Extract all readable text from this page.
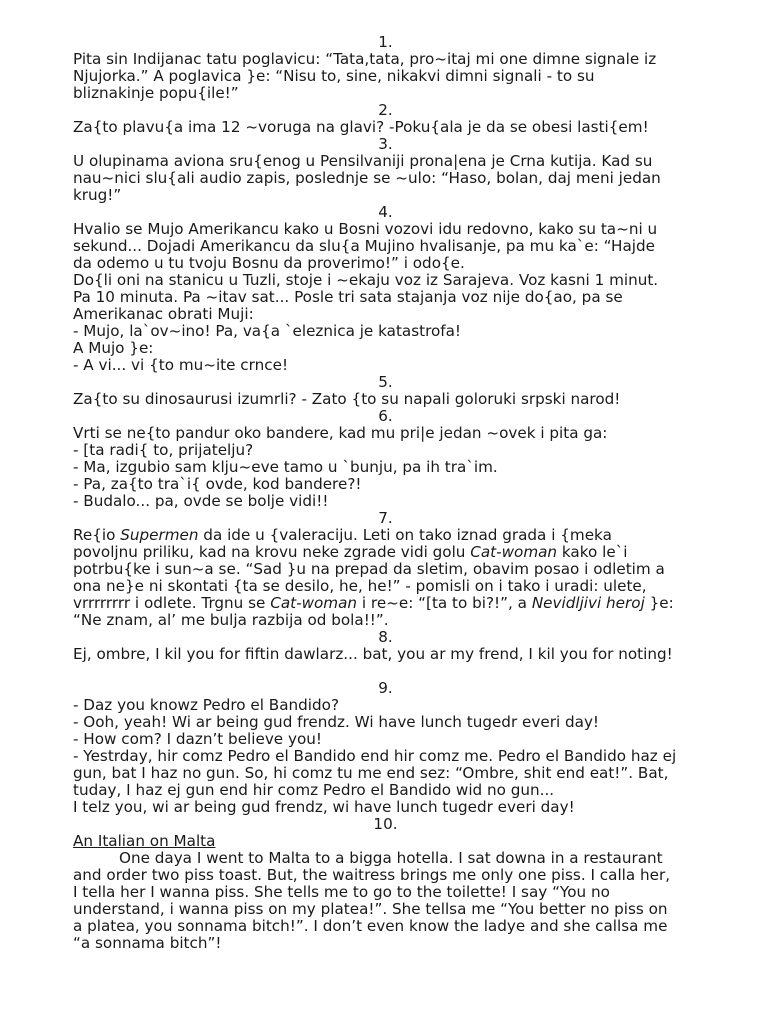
1.
Pita sin Indijanac tatu poglavicu: “Tata,tata, pro~itaj mi one dimne signale iz
Njujorka.” A poglavica }e: “Nisu to, sine, nikakvi dimni signali - to su
bliznakinje popu{ile!”
2.
Za{to plavu{a ima 12 ~voruga na glavi? -Poku{ala je da se obesi lasti{em!
3.
U olupinama aviona sru{enog u Pensilvaniji prona|ena je Crna kutija. Kad su
nau~nici slu{ali audio zapis, poslednje se ~ulo: “Haso, bolan, daj meni jedan
krug!”
4.
Hvalio se Mujo Amerikancu kako u Bosni vozovi idu redovno, kako su ta~ni u
sekund... Dojadi Amerikancu da slu{a Mujino hvalisanje, pa mu ka`e: “Hajde
da odemo u tu tvoju Bosnu da proverimo!” i odo{e.
Do{li oni na stanicu u Tuzli, stoje i ~ekaju voz iz Sarajeva. Voz kasni 1 minut.
Pa 10 minuta. Pa ~itav sat... Posle tri sata stajanja voz nije do{ao, pa se
Amerikanac obrati Muji:
- Mujo, la`ov~ino! Pa, va{a `eleznica je katastrofa!
A Mujo }e:
- A vi... vi {to mu~ite crnce!
5.
Za{to su dinosaurusi izumrli? - Zato {to su napali goloruki srpski narod!
6.
Vrti se ne{to pandur oko bandere, kad mu pri|e jedan ~ovek i pita ga:
- [ta radi{ to, prijatelju?
- Ma, izgubio sam klju~eve tamo u `bunju, pa ih tra`im.
- Pa, za{to tra`i{ ovde, kod bandere?!
- Budalo... pa, ovde se bolje vidi!!
7.
Re{io Supermen da ide u {valeraciju. Leti on tako iznad grada i {meka
povoljnu priliku, kad na krovu neke zgrade vidi golu Cat-woman kako le`i
potrbu{ke i sun~a se. “Sad }u na prepad da sletim, obavim posao i odletim a
ona ne}e ni skontati {ta se desilo, he, he!” - pomisli on i tako i uradi: ulete,
vrrrrrrrr i odlete. Trgnu se Cat-woman i re~e: “[ta to bi?!”, a Nevidljivi heroj }e:
“Ne znam, al’ me bulja razbija od bola!!”.
8.
Ej, ombre, I kil you for fiftin dawlarz... bat, you ar my frend, I kil you for noting!
9.
- Daz you knowz Pedro el Bandido?
- Ooh, yeah! Wi ar being gud frendz. Wi have lunch tugedr everi day!
- How com? I dazn’t believe you!
- Yestrday, hir comz Pedro el Bandido end hir comz me. Pedro el Bandido haz ej
gun, bat I haz no gun. So, hi comz tu me end sez: “Ombre, shit end eat!”. Bat,
tuday, I haz ej gun end hir comz Pedro el Bandido wid no gun...
I telz you, wi ar being gud frendz, wi have lunch tugedr everi day!
10.
An Italian on Malta
One daya I went to Malta to a bigga hotella. I sat downa in a restaurant
and order two piss toast. But, the waitress brings me only one piss. I calla her,
I tella her I wanna piss. She tells me to go to the toilette! I say “You no
understand, i wanna piss on my platea!”. She tellsa me “You better no piss on
a platea, you sonnama bitch!”. I don’t even know the ladye and she callsa me
“a sonnama bitch”!
